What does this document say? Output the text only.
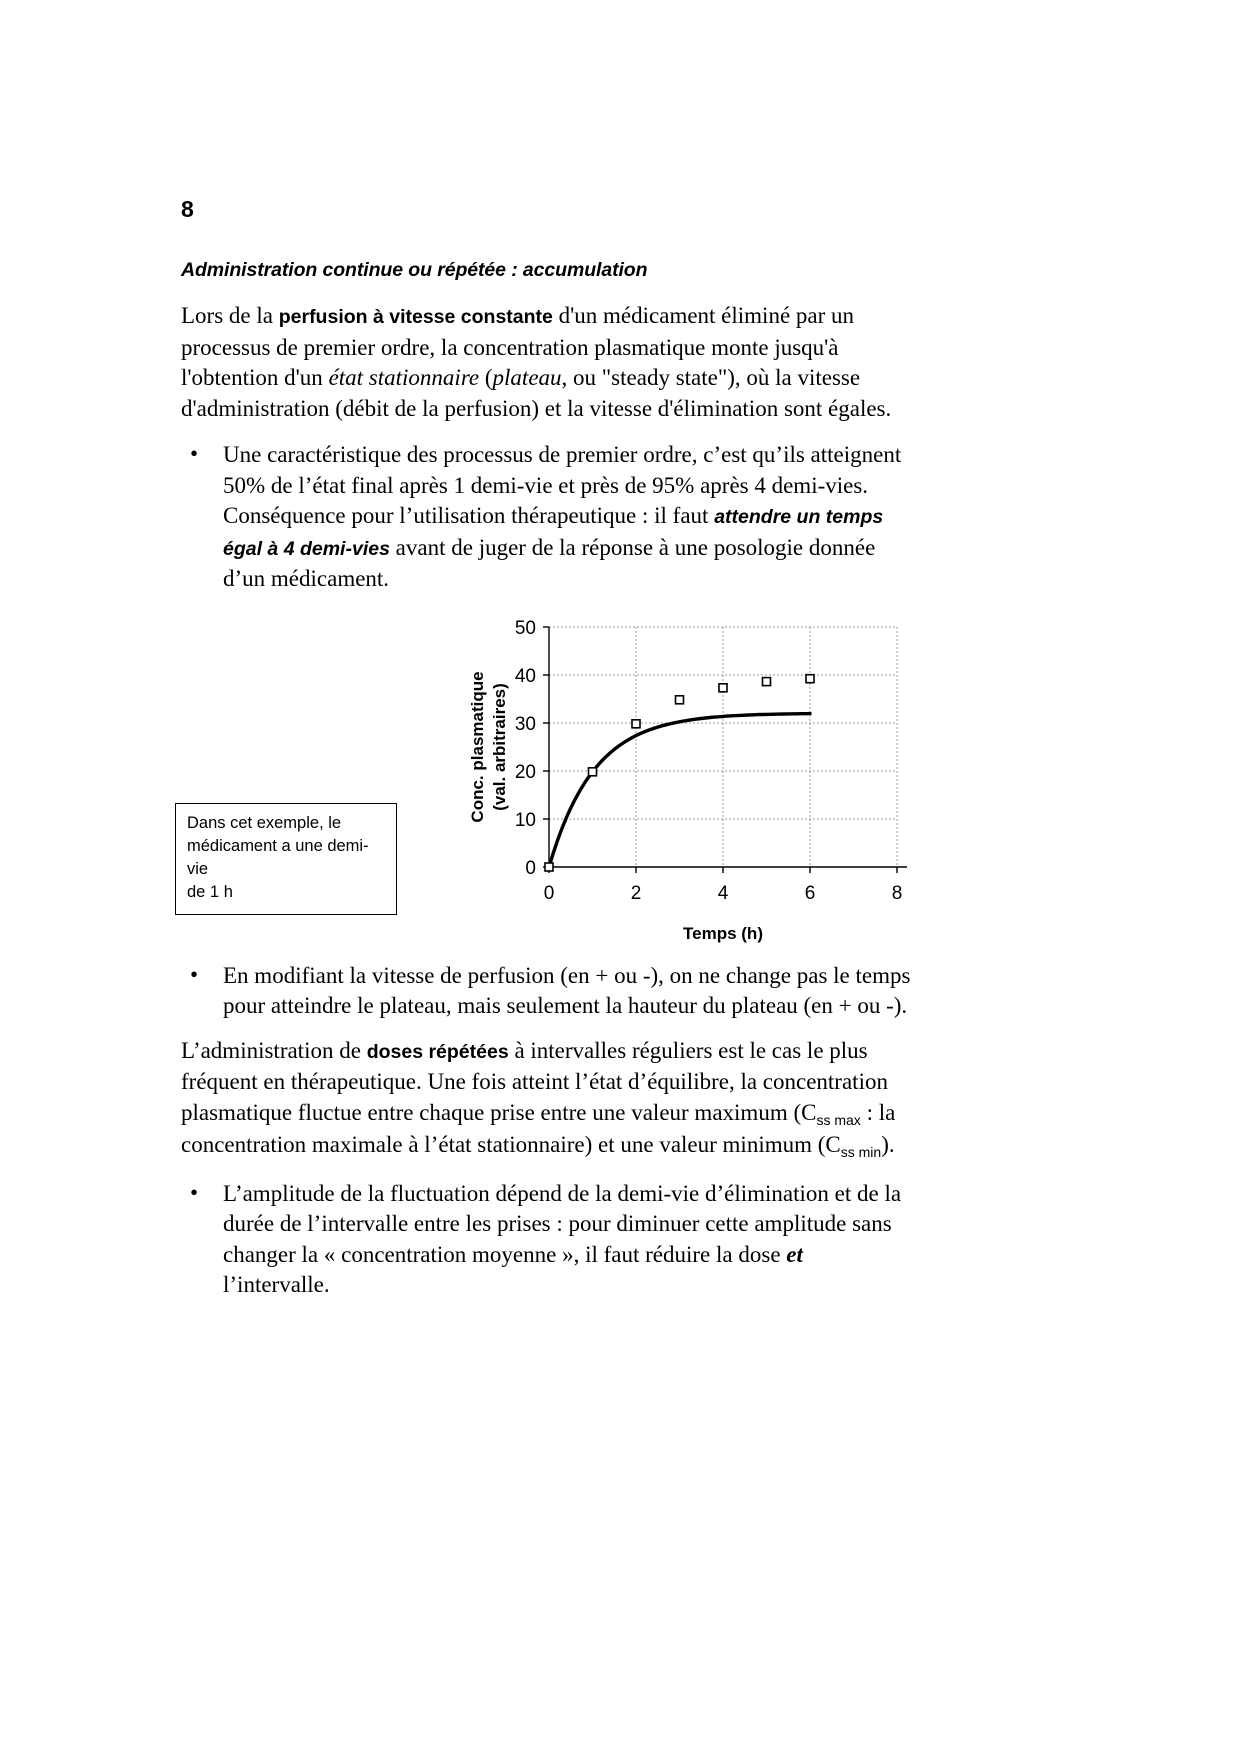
8
Administration continue ou répétée : accumulation

Lors de la perfusion à vitesse constante d'un médicament éliminé par un processus de premier ordre, la concentration plasmatique monte jusqu'à l'obtention d'un état stationnaire (plateau, ou "steady state"), où la vitesse d'administration (débit de la perfusion) et la vitesse d'élimination sont égales.

• Une caractéristique des processus de premier ordre, c’est qu’ils atteignent 50% de l’état final après 1 demi-vie et près de 95% après 4 demi-vies. Conséquence pour l’utilisation thérapeutique : il faut attendre un temps égal à 4 demi-vies avant de juger de la réponse à une posologie donnée d’un médicament.
Dans cet exemple, le
médicament a une demi-vie
de 1 h
50
40
30
20
10
0
0	2	4	6	8
Conc. plasmatique (val. arbitraires)
Temps (h)
• En modifiant la vitesse de perfusion (en + ou -), on ne change pas le temps pour atteindre le plateau, mais seulement la hauteur du plateau (en + ou -).

L’administration de doses répétées à intervalles réguliers est le cas le plus fréquent en thérapeutique. Une fois atteint l’état d’équilibre, la concentration plasmatique fluctue entre chaque prise entre une valeur maximum ($C_{ss max}$ : la concentration maximale à l’état stationnaire) et une valeur minimum $(C_{ss min})$.

• L’amplitude de la fluctuation dépend de la demi-vie d’élimination et de la durée de l’intervalle entre les prises : pour diminuer cette amplitude sans changer la « concentration moyenne », il faut réduire la dose et l’intervalle.
